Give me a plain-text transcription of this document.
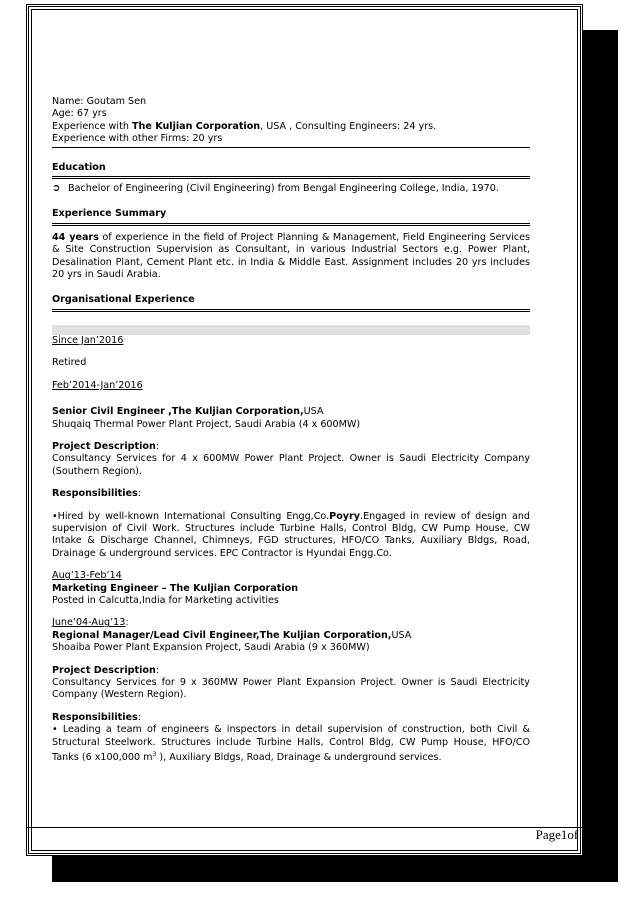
Name: Goutam Sen

Age: 67 yrs

Experience with The Kuljian Corporation, USA , Consulting Engineers: 24 yrs.

Experience with other Firms: 20 yrs

Education

➲ Bachelor of Engineering (Civil Engineering) from Bengal Engineering College, India, 1970.

Experience Summary

44 years of experience in the field of Project Planning & Management, Field Engineering Services & Site Construction Supervision as Consultant, in various Industrial Sectors e.g. Power Plant, Desalination Plant, Cement Plant etc. in India & Middle East. Assignment includes 20 yrs includes 20 yrs in Saudi Arabia.

Organisational Experience

Since Jan’2016

Retired

Feb’2014-Jan’2016

Senior Civil Engineer ,The Kuljian Corporation,USA

Shuqaiq Thermal Power Plant Project, Saudi Arabia (4 x 600MW)

Project Description:

Consultancy Services for 4 x 600MW Power Plant Project. Owner is Saudi Electricity Company (Southern Region).

Responsibilities:

•Hired by well-known International Consulting Engg,Co.Poyry.Engaged in review of design and supervision of Civil Work. Structures include Turbine Halls, Control Bldg, CW Pump House, CW Intake & Discharge Channel, Chimneys, FGD structures, HFO/CO Tanks, Auxiliary Bldgs, Road, Drainage & underground services. EPC Contractor is Hyundai Engg.Co.

Aug’13-Feb’14

Marketing Engineer – The Kuljian Corporation

Posted in Calcutta,India for Marketing activities

June’04-Aug’13:

Regional Manager/Lead Civil Engineer,The Kuljian Corporation,USA

Shoaiba Power Plant Expansion Project, Saudi Arabia (9 x 360MW)

Project Description:

Consultancy Services for 9 x 360MW Power Plant Expansion Project. Owner is Saudi Electricity Company (Western Region).

Responsibilities:

• Leading a team of engineers & inspectors in detail supervision of construction, both Civil & Structural Steelwork. Structures include Turbine Halls, Control Bldg, CW Pump House, HFO/CO Tanks (6 x100,000 $m^3$ ), Auxiliary Bldgs, Road, Drainage & underground services.

Page1of 3
